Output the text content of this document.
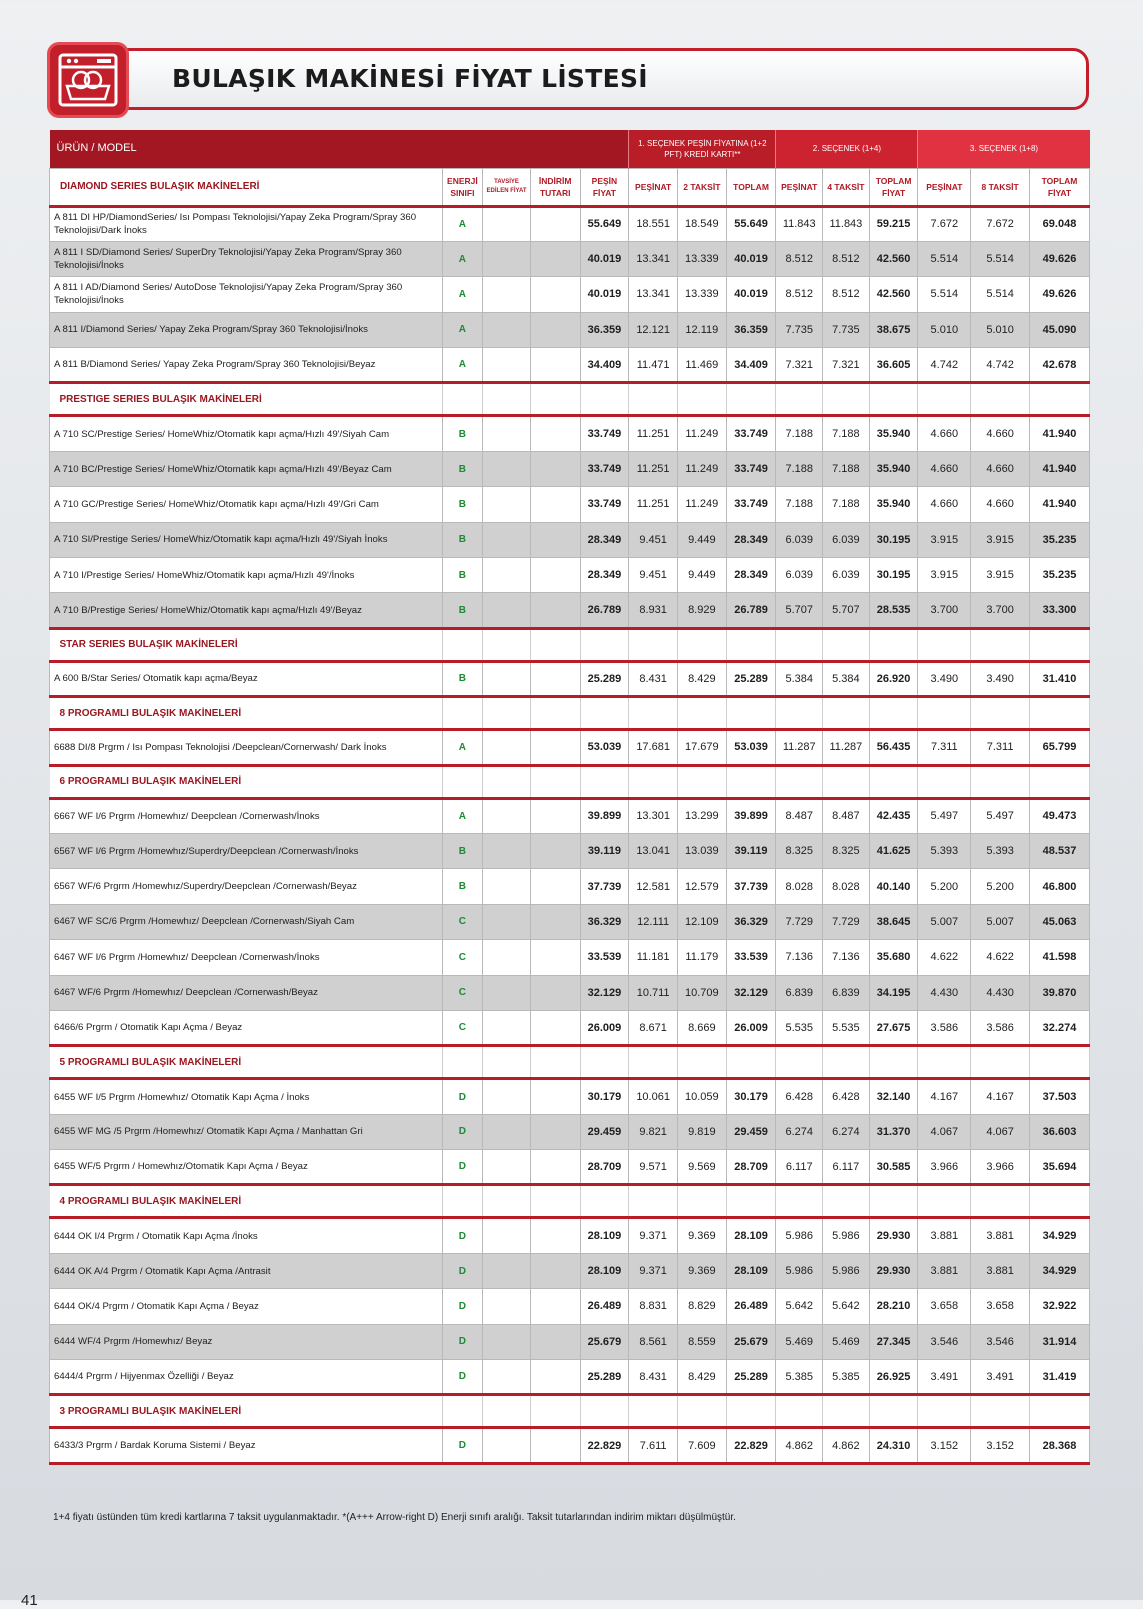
BULAŞIK MAKİNESİ FİYAT LİSTESİ
ÜRÜN / MODEL					1. SEÇENEK PEŞİN FİYATINA (1+2 PFT) KREDİ KARTI**			2. SEÇENEK (1+4)			3. SEÇENEK (1+8)		
DIAMOND SERIES BULAŞIK MAKİNELERİ	ENERJİ SINIFI	TAVSİYE EDİLEN FİYAT	İNDİRİM TUTARI	PEŞİN FİYAT	PEŞİNAT	2 TAKSİT	TOPLAM	PEŞİNAT	4 TAKSİT	TOPLAM FİYAT	PEŞİNAT	8 TAKSİT	TOPLAM FİYAT
A 811 DI HP/DiamondSeries/ Isı Pompası Teknolojisi/Yapay Zeka Program/Spray 360 Teknolojisi/Dark İnoks	A			55.649	18.551	18.549	55.649	11.843	11.843	59.215	7.672	7.672	69.048
A 811 I SD/Diamond Series/ SuperDry Teknolojisi/Yapay Zeka Program/Spray 360 Teknolojisi/İnoks	A			40.019	13.341	13.339	40.019	8.512	8.512	42.560	5.514	5.514	49.626
A 811 I AD/Diamond Series/ AutoDose Teknolojisi/Yapay Zeka Program/Spray 360 Teknolojisi/İnoks	A			40.019	13.341	13.339	40.019	8.512	8.512	42.560	5.514	5.514	49.626
A 811 I/Diamond Series/ Yapay Zeka Program/Spray 360 Teknolojisi/İnoks	A			36.359	12.121	12.119	36.359	7.735	7.735	38.675	5.010	5.010	45.090
A 811 B/Diamond Series/ Yapay Zeka Program/Spray 360 Teknolojisi/Beyaz	A			34.409	11.471	11.469	34.409	7.321	7.321	36.605	4.742	4.742	42.678
PRESTIGE SERIES BULAŞIK MAKİNELERİ													
A 710 SC/Prestige Series/ HomeWhiz/Otomatik kapı açma/Hızlı 49'/Siyah Cam	B			33.749	11.251	11.249	33.749	7.188	7.188	35.940	4.660	4.660	41.940
A 710 BC/Prestige Series/ HomeWhiz/Otomatik kapı açma/Hızlı 49'/Beyaz Cam	B			33.749	11.251	11.249	33.749	7.188	7.188	35.940	4.660	4.660	41.940
A 710 GC/Prestige Series/ HomeWhiz/Otomatik kapı açma/Hızlı 49'/Gri Cam	B			33.749	11.251	11.249	33.749	7.188	7.188	35.940	4.660	4.660	41.940
A 710 SI/Prestige Series/ HomeWhiz/Otomatik kapı açma/Hızlı 49'/Siyah İnoks	B			28.349	9.451	9.449	28.349	6.039	6.039	30.195	3.915	3.915	35.235
A 710 I/Prestige Series/ HomeWhiz/Otomatik kapı açma/Hızlı 49'/İnoks	B			28.349	9.451	9.449	28.349	6.039	6.039	30.195	3.915	3.915	35.235
A 710 B/Prestige Series/ HomeWhiz/Otomatik kapı açma/Hızlı 49'/Beyaz	B			26.789	8.931	8.929	26.789	5.707	5.707	28.535	3.700	3.700	33.300
STAR SERIES BULAŞIK MAKİNELERİ													
A 600 B/Star Series/ Otomatik kapı açma/Beyaz	B			25.289	8.431	8.429	25.289	5.384	5.384	26.920	3.490	3.490	31.410
8 PROGRAMLI BULAŞIK MAKİNELERİ													
6688 DI/8 Prgrm / Isı Pompası Teknolojisi /Deepclean/Cornerwash/ Dark İnoks	A			53.039	17.681	17.679	53.039	11.287	11.287	56.435	7.311	7.311	65.799
6 PROGRAMLI BULAŞIK MAKİNELERİ													
6667 WF I/6 Prgrm /Homewhız/ Deepclean /Cornerwash/İnoks	A			39.899	13.301	13.299	39.899	8.487	8.487	42.435	5.497	5.497	49.473
6567 WF I/6 Prgrm /Homewhız/Superdry/Deepclean /Cornerwash/İnoks	B			39.119	13.041	13.039	39.119	8.325	8.325	41.625	5.393	5.393	48.537
6567 WF/6 Prgrm /Homewhız/Superdry/Deepclean /Cornerwash/Beyaz	B			37.739	12.581	12.579	37.739	8.028	8.028	40.140	5.200	5.200	46.800
6467 WF SC/6 Prgrm /Homewhız/ Deepclean /Cornerwash/Siyah Cam	C			36.329	12.111	12.109	36.329	7.729	7.729	38.645	5.007	5.007	45.063
6467 WF I/6 Prgrm /Homewhız/ Deepclean /Cornerwash/İnoks	C			33.539	11.181	11.179	33.539	7.136	7.136	35.680	4.622	4.622	41.598
6467 WF/6 Prgrm /Homewhız/ Deepclean /Cornerwash/Beyaz	C			32.129	10.711	10.709	32.129	6.839	6.839	34.195	4.430	4.430	39.870
6466/6 Prgrm / Otomatik Kapı Açma / Beyaz	C			26.009	8.671	8.669	26.009	5.535	5.535	27.675	3.586	3.586	32.274
5 PROGRAMLI BULAŞIK MAKİNELERİ													
6455 WF I/5 Prgrm /Homewhız/ Otomatik Kapı Açma / İnoks	D			30.179	10.061	10.059	30.179	6.428	6.428	32.140	4.167	4.167	37.503
6455 WF MG /5 Prgrm /Homewhız/ Otomatik Kapı Açma / Manhattan Gri	D			29.459	9.821	9.819	29.459	6.274	6.274	31.370	4.067	4.067	36.603
6455 WF/5 Prgrm / Homewhız/Otomatik Kapı Açma / Beyaz	D			28.709	9.571	9.569	28.709	6.117	6.117	30.585	3.966	3.966	35.694
4 PROGRAMLI BULAŞIK MAKİNELERİ													
6444 OK I/4 Prgrm / Otomatik Kapı Açma /İnoks	D			28.109	9.371	9.369	28.109	5.986	5.986	29.930	3.881	3.881	34.929
6444 OK A/4 Prgrm / Otomatik Kapı Açma /Antrasit	D			28.109	9.371	9.369	28.109	5.986	5.986	29.930	3.881	3.881	34.929
6444 OK/4 Prgrm / Otomatik Kapı Açma / Beyaz	D			26.489	8.831	8.829	26.489	5.642	5.642	28.210	3.658	3.658	32.922
6444 WF/4 Prgrm /Homewhız/ Beyaz	D			25.679	8.561	8.559	25.679	5.469	5.469	27.345	3.546	3.546	31.914
6444/4 Prgrm / Hijyenmax Özelliği / Beyaz	D			25.289	8.431	8.429	25.289	5.385	5.385	26.925	3.491	3.491	31.419
3 PROGRAMLI BULAŞIK MAKİNELERİ													
6433/3 Prgrm / Bardak Koruma Sistemi / Beyaz	D			22.829	7.611	7.609	22.829	4.862	4.862	24.310	3.152	3.152	28.368
1+4 fiyatı üstünden tüm kredi kartlarına 7 taksit uygulanmaktadır. *(A+++ Arrow-right D) Enerji sınıfı aralığı. Taksit tutarlarından indirim miktarı düşülmüştür.
41
